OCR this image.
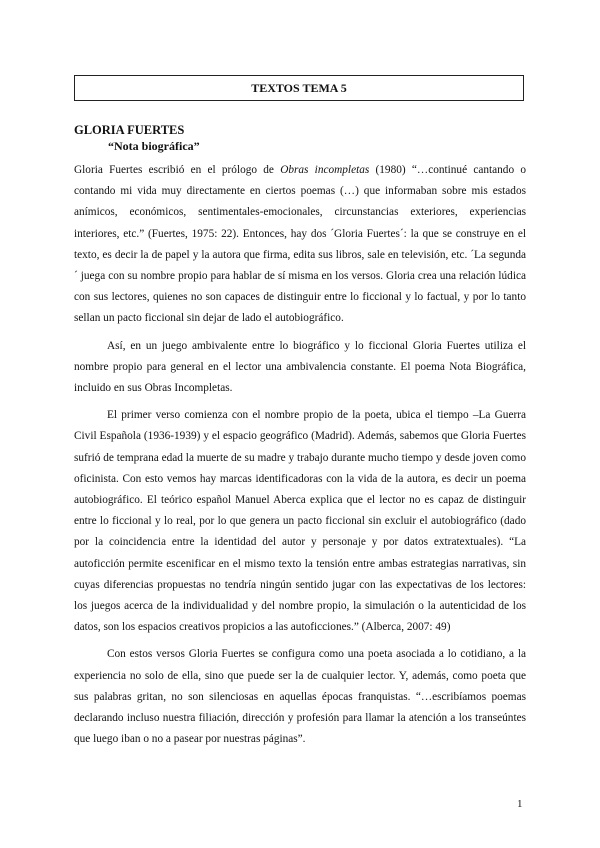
TEXTOS TEMA 5
GLORIA FUERTES
“Nota biográfica”

Gloria Fuertes escribió en el prólogo de Obras incompletas (1980) “…continué cantando o contando mi vida muy directamente en ciertos poemas (…) que informaban sobre mis estados anímicos, económicos, sentimentales-emocionales, circunstancias exteriores, experiencias interiores, etc.” (Fuertes, 1975: 22). Entonces, hay dos ´Gloria Fuertes´: la que se construye en el texto, es decir la de papel y la autora que firma, edita sus libros, sale en televisión, etc. ´La segunda´ juega con su nombre propio para hablar de sí misma en los versos. Gloria crea una relación lúdica con sus lectores, quienes no son capaces de distinguir entre lo ficcional y lo factual, y por lo tanto sellan un pacto ficcional sin dejar de lado el autobiográfico.

Así, en un juego ambivalente entre lo biográfico y lo ficcional Gloria Fuertes utiliza el nombre propio para general en el lector una ambivalencia constante. El poema Nota Biográfica, incluido en sus Obras Incompletas.

El primer verso comienza con el nombre propio de la poeta, ubica el tiempo –La Guerra Civil Española (1936-1939) y el espacio geográfico (Madrid). Además, sabemos que Gloria Fuertes sufrió de temprana edad la muerte de su madre y trabajo durante mucho tiempo y desde joven como oficinista. Con esto vemos hay marcas identificadoras con la vida de la autora, es decir un poema autobiográfico. El teórico español Manuel Aberca explica que el lector no es capaz de distinguir entre lo ficcional y lo real, por lo que genera un pacto ficcional sin excluir el autobiográfico (dado por la coincidencia entre la identidad del autor y personaje y por datos extratextuales). “La autoficción permite escenificar en el mismo texto la tensión entre ambas estrategias narrativas, sin cuyas diferencias propuestas no tendría ningún sentido jugar con las expectativas de los lectores: los juegos acerca de la individualidad y del nombre propio, la simulación o la autenticidad de los datos, son los espacios creativos propicios a las autoficciones.” (Alberca, 2007: 49)

Con estos versos Gloria Fuertes se configura como una poeta asociada a lo cotidiano, a la experiencia no solo de ella, sino que puede ser la de cualquier lector. Y, además, como poeta que sus palabras gritan, no son silenciosas en aquellas épocas franquistas. “…escribíamos poemas declarando incluso nuestra filiación, dirección y profesión para llamar la atención a los transeúntes que luego iban o no a pasear por nuestras páginas”.

1
